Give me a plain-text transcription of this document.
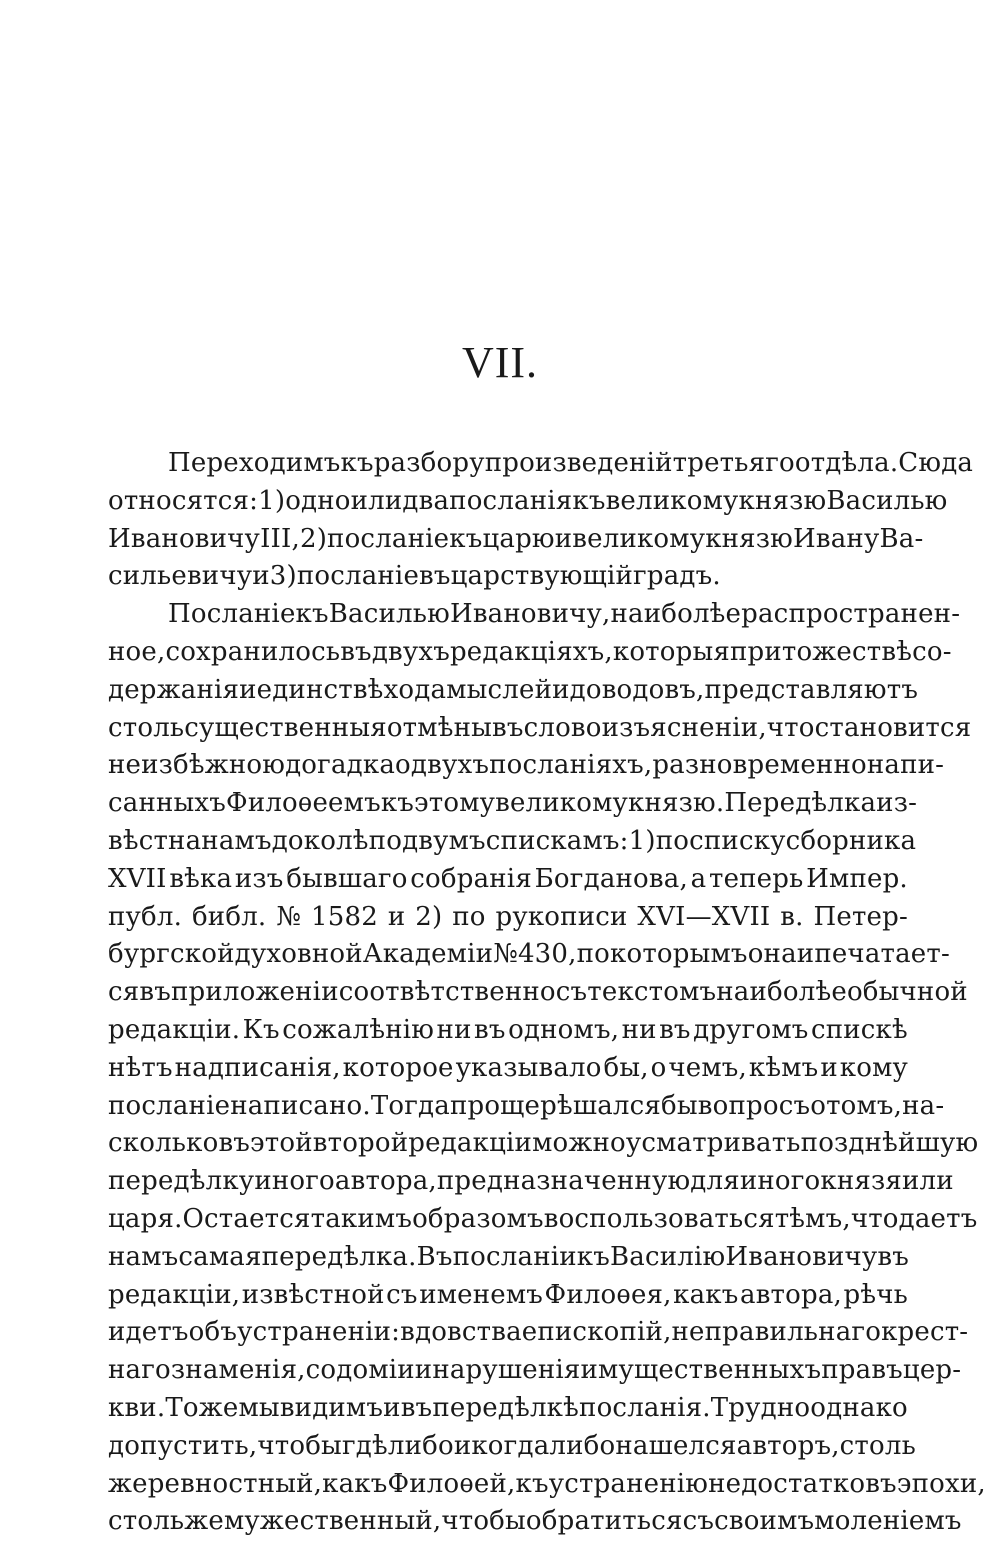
VII.
Переходимъ къ разбору произведеній третьяго отдѣла. Сюда
относятся: 1) одно или два посланія къ великому князю Василью
Ивановичу III, 2) посланіе къ царю и великому князю Ивану Ва-
сильевичу и 3) посланіе въ царствующій градъ.
Посланіе къ Василью Ивановичу, наиболѣе распространен-
ное, сохранилось въ двухъ редакціяхъ, которыя при тожествѣ со-
держанія и единствѣ хода мыслей и доводовъ, представляютъ
столь существенныя отмѣны въ словоизъясненіи, что становится
неизбѣжною догадка о двухъ посланіяхъ, разновременно напи-
санныхъ Филоѳеемъ къ этому великому князю. Передѣлка из-
вѣстна намъ доколѣ по двумъ спискамъ: 1) по списку сборника
XVII вѣка изъ бывшаго собранія Богданова, а теперь Импер.
публ. библ. № 1582 и 2) по рукописи XVI—XVII в. Петер-
бургской духовной Академіи № 430, по которымъ она и печатает-
ся въ приложеніи соотвѣтственно съ текстомъ наиболѣе обычной
редакціи. Къ сожалѣнію ни въ одномъ, ни въ другомъ спискѣ
нѣтъ надписанія, которое указывало бы, о чемъ, кѣмъ и кому
посланіе написано. Тогда проще рѣшался бы вопросъ о томъ, на-
сколько въ этой второй редакціи можно усматривать позднѣйшую
передѣлку иного автора, предназначенную для иного князя или
царя. Остается такимъ образомъ воспользоваться тѣмъ, что даетъ
намъ самая передѣлка. Въ посланіи къ Василію Ивановичу въ
редакціи, извѣстной съ именемъ Филоѳея, какъ автора, рѣчь
идетъ объ устраненіи: вдовства епископій, неправильнаго крест-
наго знаменія, содоміи и нарушенія имущественныхъ правъ цер-
кви. Тоже мы видимъ и въ передѣлкѣ посланія. Трудно однако
допустить, чтобы гдѣ либо и когда либо нашелся авторъ, столь
же ревностный, какъ Филоѳей, къ устраненію недостатковъ эпохи,
столь же мужественный, чтобы обратиться съ своимъ моленіемъ
